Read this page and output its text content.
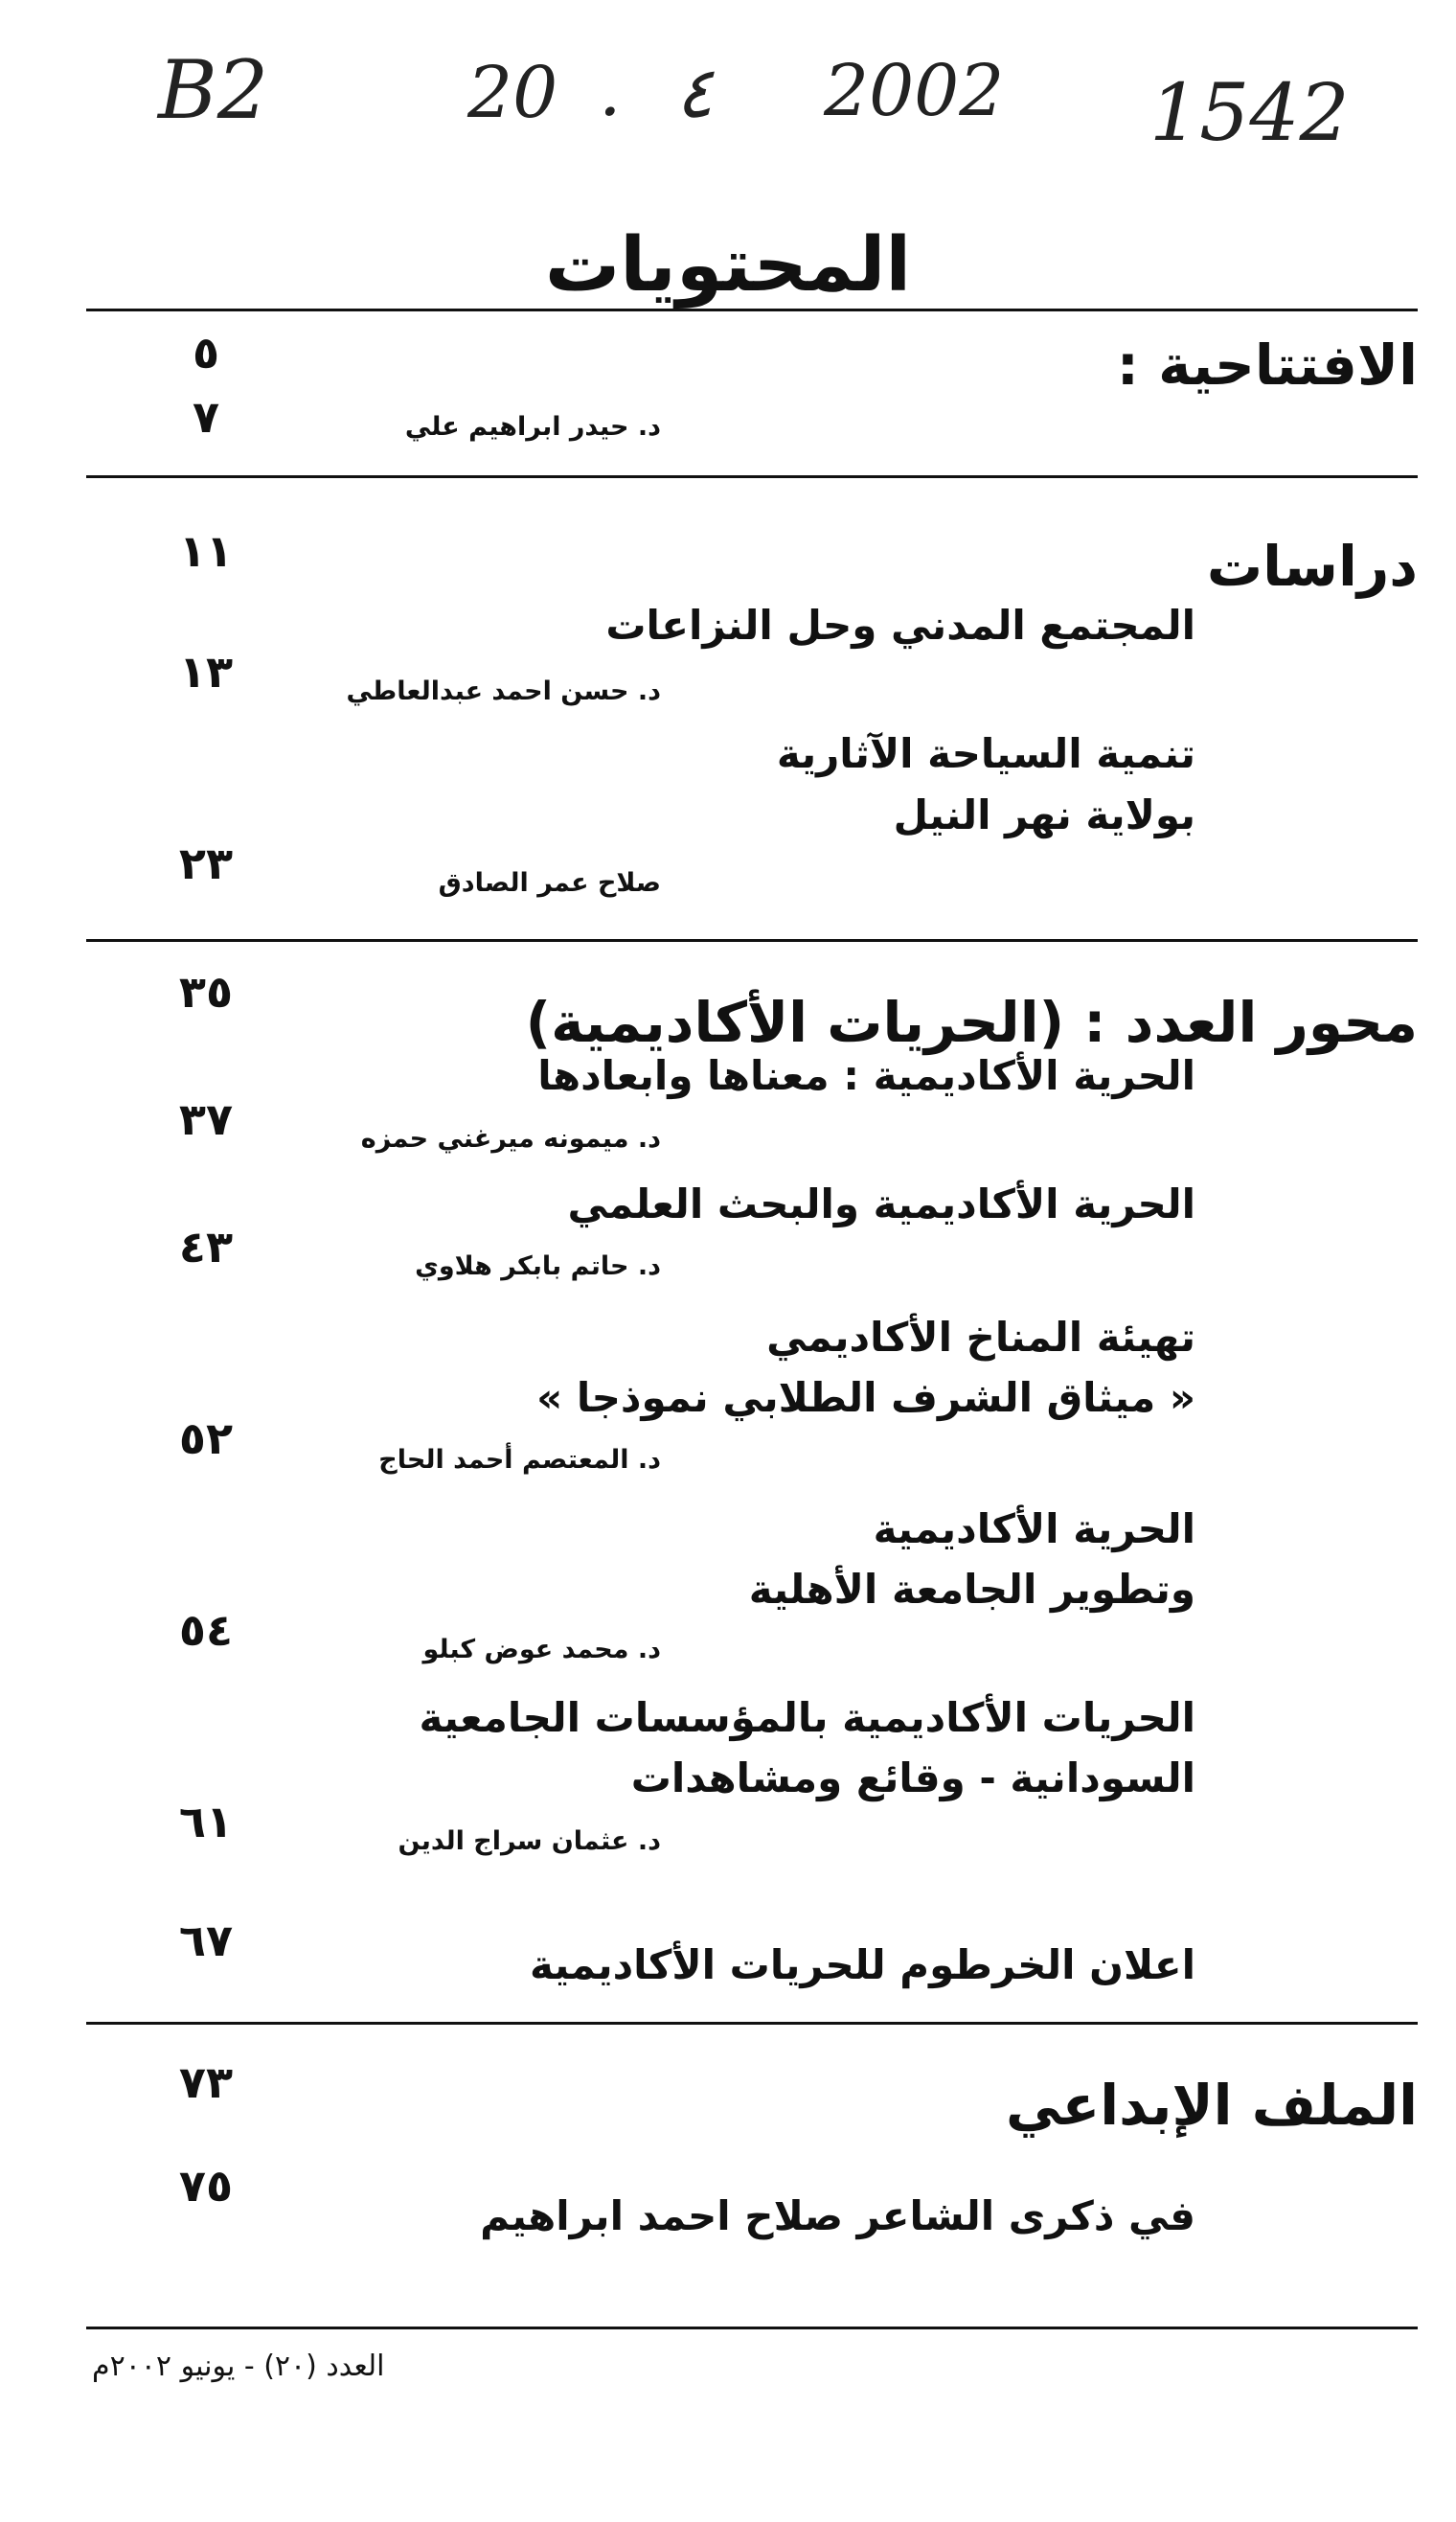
B2	20 . ٤ 2002 1542
المحتويات
الافتتاحية :
٥
د. حيدر ابراهيم علي
٧
دراسات
١١
المجتمع المدني وحل النزاعات
د. حسن احمد عبدالعاطي
١٣
تنمية السياحة الآثارية
بولاية نهر النيل
صلاح عمر الصادق
٢٣
محور العدد : (الحريات الأكاديمية)
٣٥
الحرية الأكاديمية : معناها وابعادها
د. ميمونه ميرغني حمزه
٣٧
الحرية الأكاديمية والبحث العلمي
د. حاتم بابكر هلاوي
٤٣
تهيئة المناخ الأكاديمي
« ميثاق الشرف الطلابي نموذجا »
د. المعتصم أحمد الحاج
٥٢
الحرية الأكاديمية
وتطوير الجامعة الأهلية
د. محمد عوض كبلو
٥٤
الحريات الأكاديمية بالمؤسسات الجامعية
السودانية - وقائع ومشاهدات
د. عثمان سراج الدين
٦١
اعلان الخرطوم للحريات الأكاديمية
٦٧
الملف الإبداعي
٧٣
في ذكرى الشاعر صلاح احمد ابراهيم
٧٥
العدد (٢٠) - يونيو ٢٠٠٢م
